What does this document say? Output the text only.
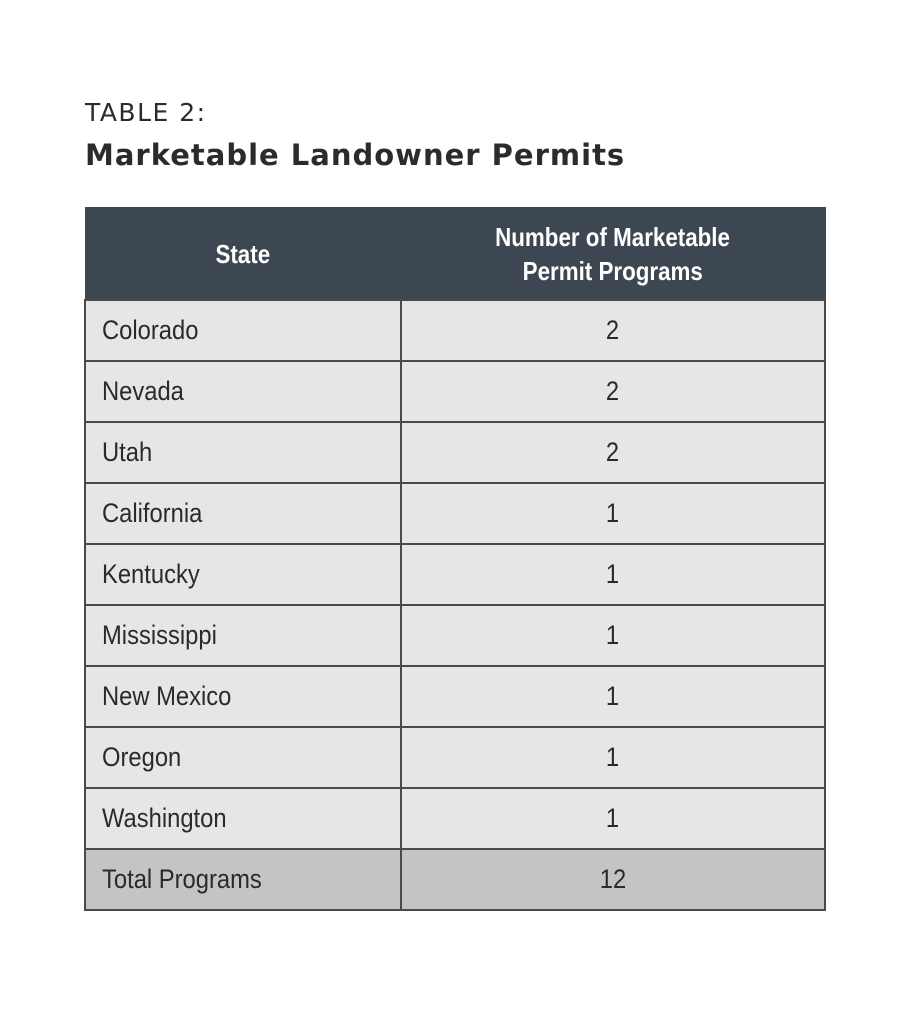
TABLE 2:
Marketable Landowner Permits
State	Number of Marketable
Permit Programs
Colorado	2
Nevada	2
Utah	2
California	1
Kentucky	1
Mississippi	1
New Mexico	1
Oregon	1
Washington	1
Total Programs	12
